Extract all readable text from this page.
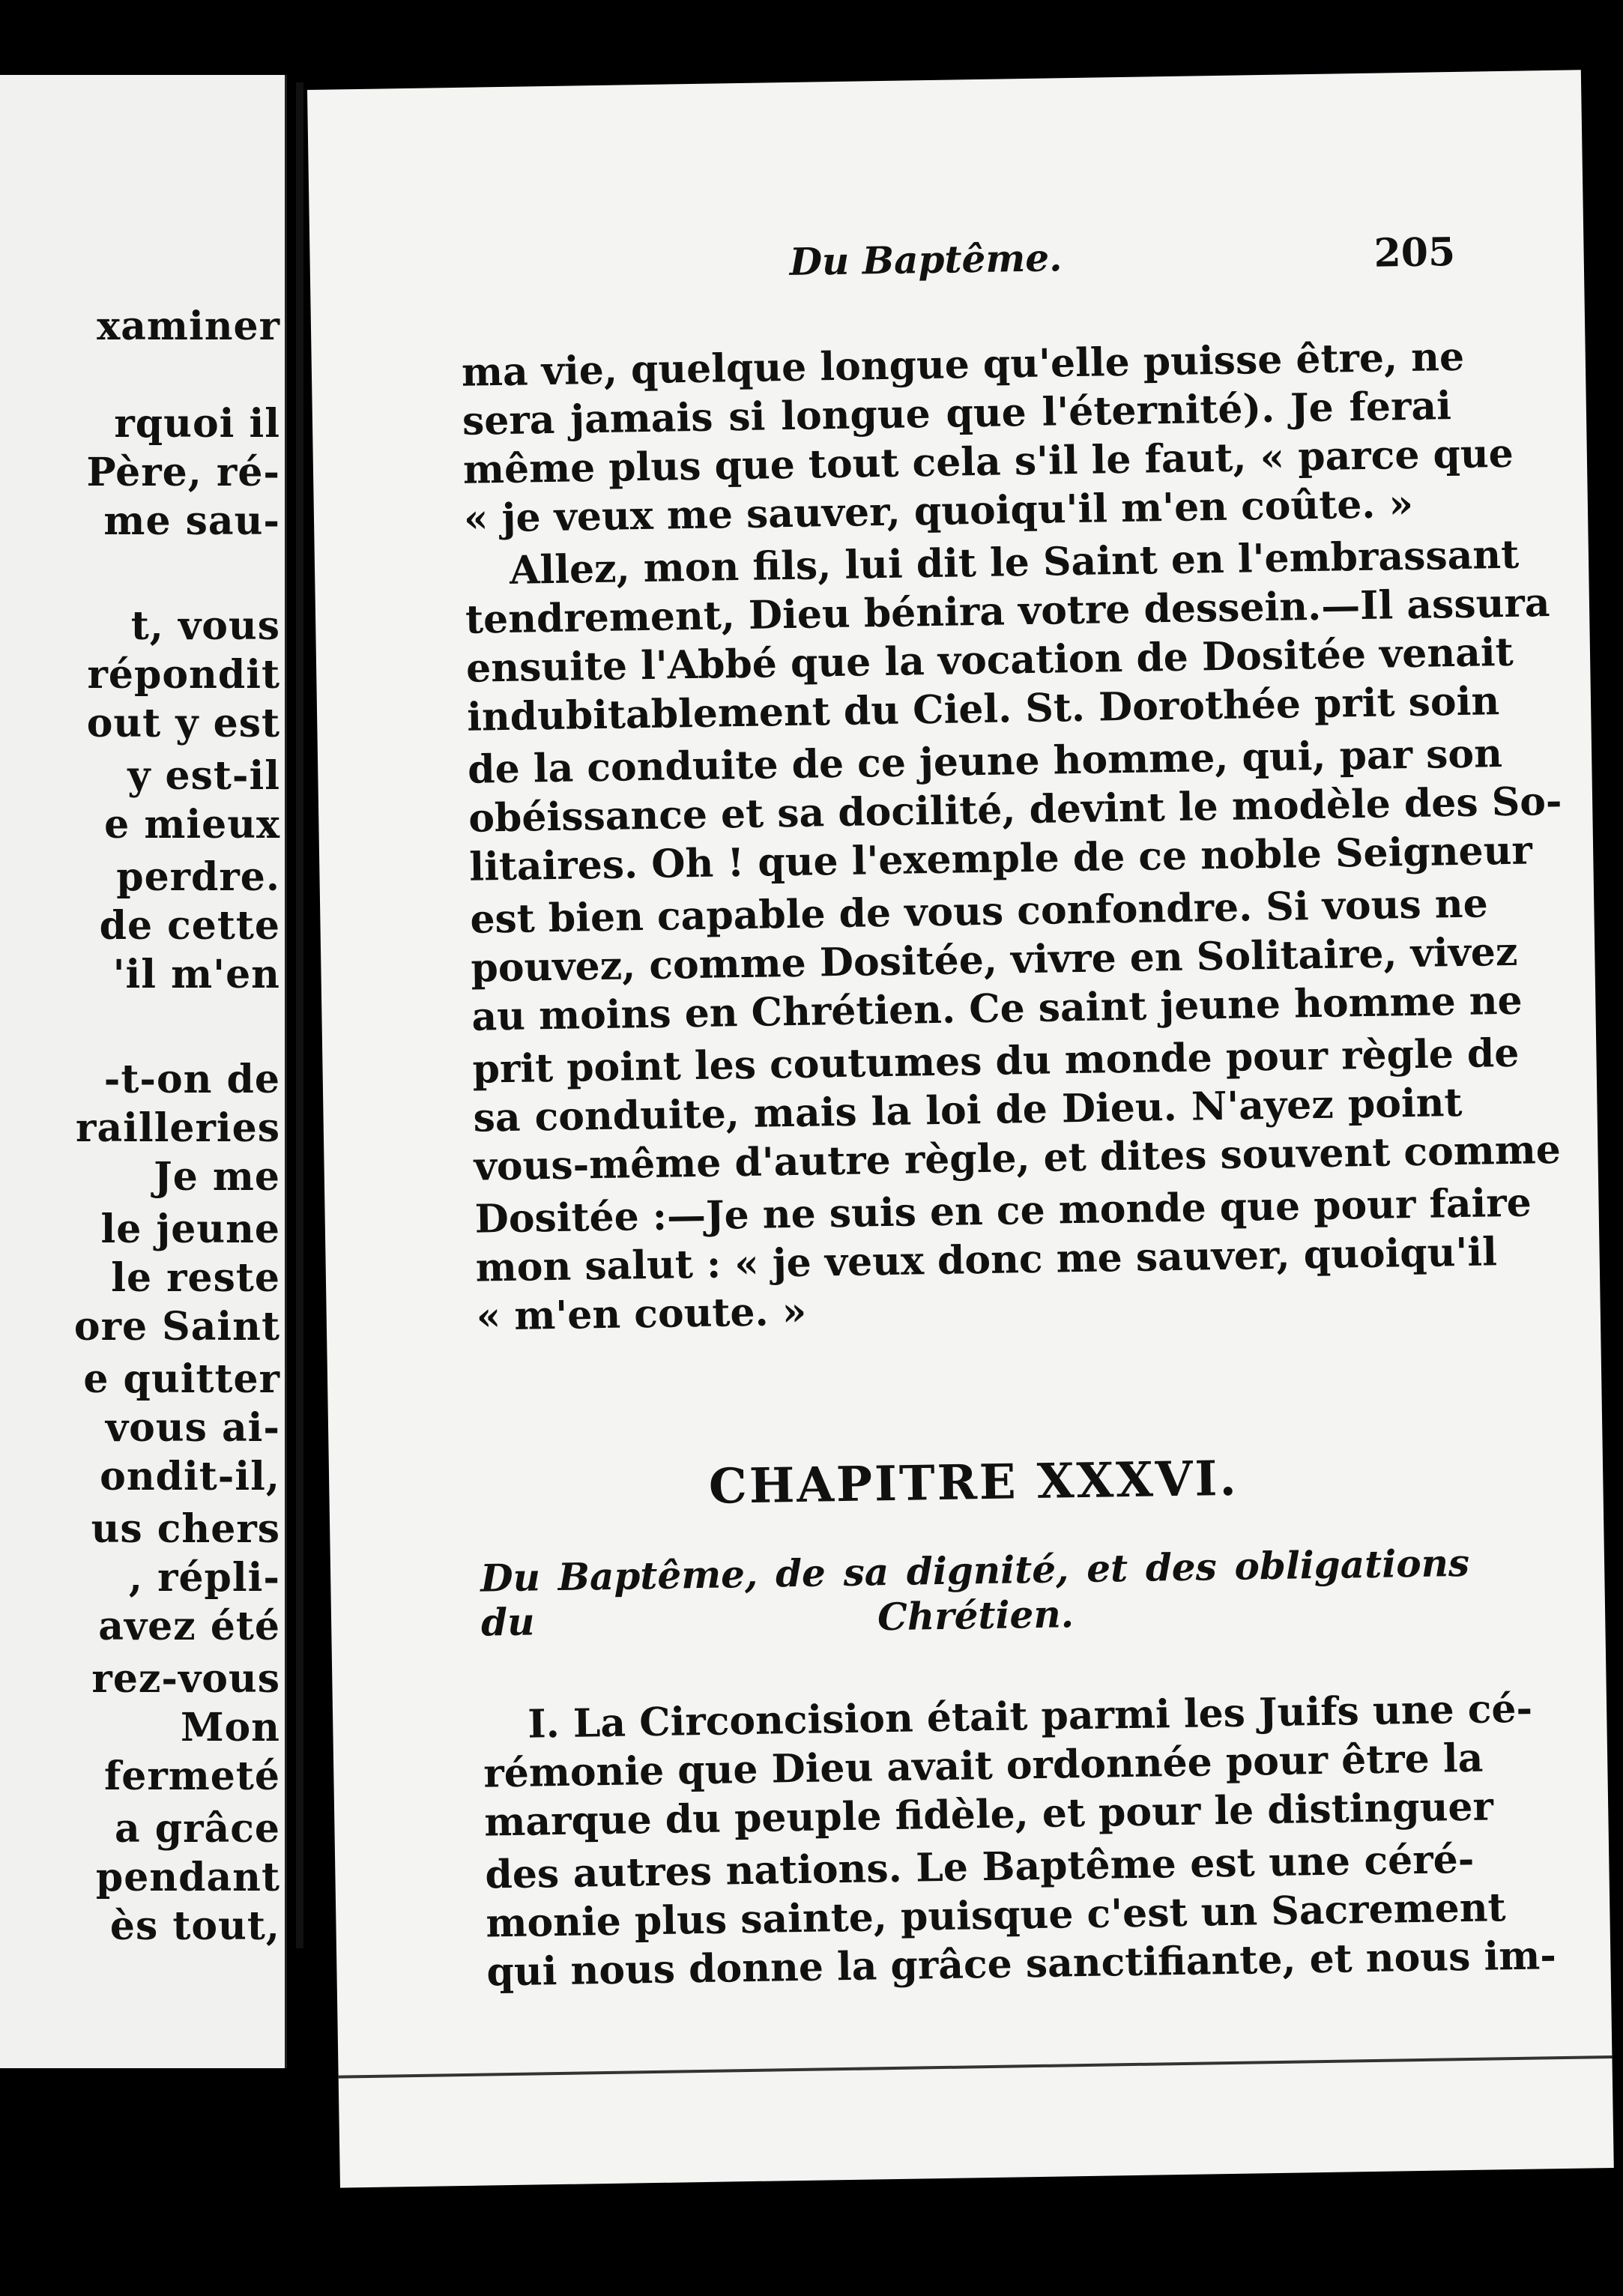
xaminer
rquoi il
Père, ré-
me sau-
t, vous
répondit
out y est
y est-il
e mieux
perdre.
de cette
'il m'en
-t-on de
railleries
Je me
le jeune
le reste
ore Saint
e quitter
vous ai-
ondit-il,
us chers
, répli-
avez été
rez-vous
Mon
fermeté
a grâce
pendant
ès tout,
Du Baptême.	205
ma vie, quelque longue qu'elle puisse être, ne
sera jamais si longue que l'éternité). Je ferai
même plus que tout cela s'il le faut, « parce que
« je veux me sauver, quoiqu'il m'en coûte. »
Allez, mon fils, lui dit le Saint en l'embrassant
tendrement, Dieu bénira votre dessein.—Il assura
ensuite l'Abbé que la vocation de Dositée venait
indubitablement du Ciel. St. Dorothée prit soin
de la conduite de ce jeune homme, qui, par son
obéissance et sa docilité, devint le modèle des So-
litaires. Oh ! que l'exemple de ce noble Seigneur
est bien capable de vous confondre. Si vous ne
pouvez, comme Dositée, vivre en Solitaire, vivez
au moins en Chrétien. Ce saint jeune homme ne
prit point les coutumes du monde pour règle de
sa conduite, mais la loi de Dieu. N'ayez point
vous-même d'autre règle, et dites souvent comme
Dositée :—Je ne suis en ce monde que pour faire
mon salut : « je veux donc me sauver, quoiqu'il
« m'en coute. »
CHAPITRE XXXVI.
Du Baptême, de sa dignité, et des obligations du	Chrétien.
I. La Circoncision était parmi les Juifs une cé-
rémonie que Dieu avait ordonnée pour être la
marque du peuple fidèle, et pour le distinguer
des autres nations. Le Baptême est une céré-
monie plus sainte, puisque c'est un Sacrement
qui nous donne la grâce sanctifiante, et nous im-
